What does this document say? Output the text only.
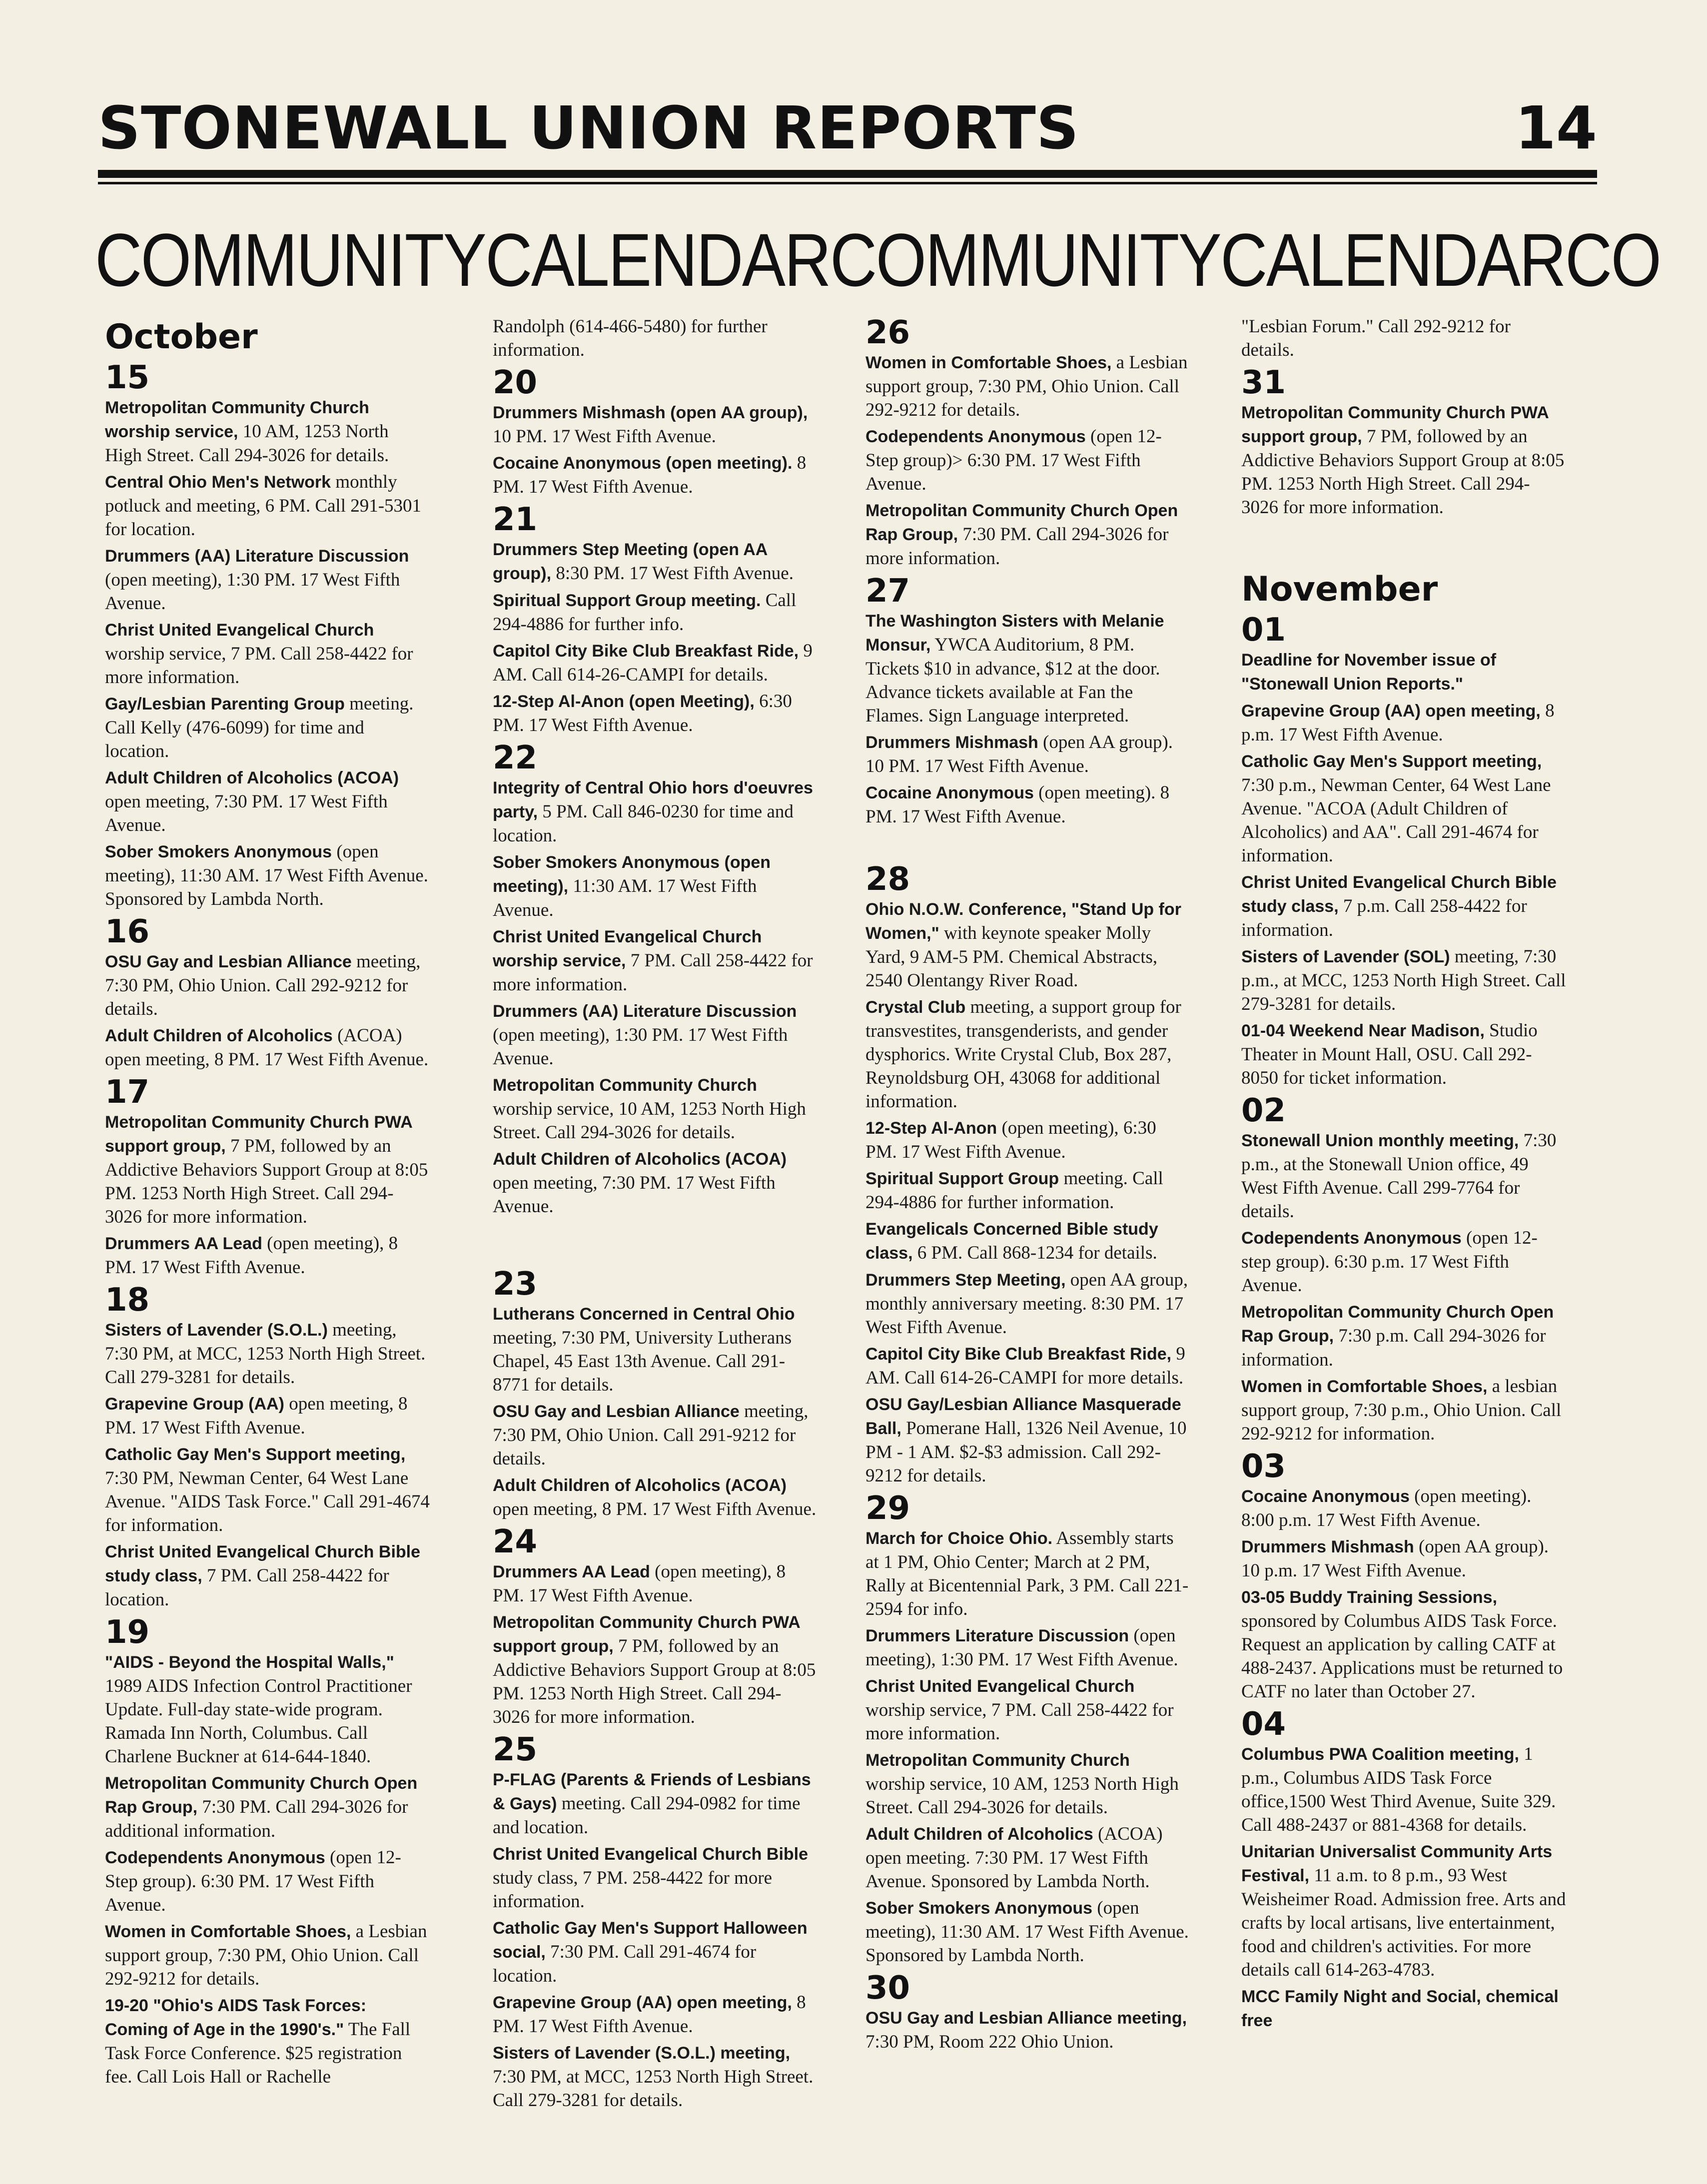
STONEWALL UNION REPORTS	14
COMMUNITYCALENDARCOMMUNITYCALENDARCO
October
15
Metropolitan Community Church worship service, 10 AM, 1253 North High Street. Call 294-3026 for details.
Central Ohio Men's Network monthly potluck and meeting, 6 PM. Call 291-5301 for location.
Drummers (AA) Literature Discussion (open meeting), 1:30 PM. 17 West Fifth Avenue.
Christ United Evangelical Church worship service, 7 PM. Call 258-4422 for more information.
Gay/Lesbian Parenting Group meeting. Call Kelly (476-6099) for time and location.
Adult Children of Alcoholics (ACOA) open meeting, 7:30 PM. 17 West Fifth Avenue.
Sober Smokers Anonymous (open meeting), 11:30 AM. 17 West Fifth Avenue. Sponsored by Lambda North.
16
OSU Gay and Lesbian Alliance meeting, 7:30 PM, Ohio Union. Call 292-9212 for details.
Adult Children of Alcoholics (ACOA) open meeting, 8 PM. 17 West Fifth Avenue.
17
Metropolitan Community Church PWA support group, 7 PM, followed by an Addictive Behaviors Support Group at 8:05 PM. 1253 North High Street. Call 294-3026 for more information.
Drummers AA Lead (open meeting), 8 PM. 17 West Fifth Avenue.
18
Sisters of Lavender (S.O.L.) meeting, 7:30 PM, at MCC, 1253 North High Street. Call 279-3281 for details.
Grapevine Group (AA) open meeting, 8 PM. 17 West Fifth Avenue.
Catholic Gay Men's Support meeting, 7:30 PM, Newman Center, 64 West Lane Avenue. "AIDS Task Force." Call 291-4674 for information.
Christ United Evangelical Church Bible study class, 7 PM. Call 258-4422 for location.
19
"AIDS - Beyond the Hospital Walls," 1989 AIDS Infection Control Practitioner Update. Full-day state-wide program. Ramada Inn North, Columbus. Call Charlene Buckner at 614-644-1840.
Metropolitan Community Church Open Rap Group, 7:30 PM. Call 294-3026 for additional information.
Codependents Anonymous (open 12-Step group). 6:30 PM. 17 West Fifth Avenue.
Women in Comfortable Shoes, a Lesbian support group, 7:30 PM, Ohio Union. Call 292-9212 for details.
19-20 "Ohio's AIDS Task Forces: Coming of Age in the 1990's." The Fall Task Force Conference. $25 registration fee. Call Lois Hall or Rachelle
Randolph (614-466-5480) for further information.
20
Drummers Mishmash (open AA group), 10 PM. 17 West Fifth Avenue.
Cocaine Anonymous (open meeting). 8 PM. 17 West Fifth Avenue.
21
Drummers Step Meeting (open AA group), 8:30 PM. 17 West Fifth Avenue.
Spiritual Support Group meeting. Call 294-4886 for further info.
Capitol City Bike Club Breakfast Ride, 9 AM. Call 614-26-CAMPI for details.
12-Step Al-Anon (open Meeting), 6:30 PM. 17 West Fifth Avenue.
22
Integrity of Central Ohio hors d'oeuvres party, 5 PM. Call 846-0230 for time and location.
Sober Smokers Anonymous (open meeting), 11:30 AM. 17 West Fifth Avenue.
Christ United Evangelical Church worship service, 7 PM. Call 258-4422 for more information.
Drummers (AA) Literature Discussion (open meeting), 1:30 PM. 17 West Fifth Avenue.
Metropolitan Community Church worship service, 10 AM, 1253 North High Street. Call 294-3026 for details.
Adult Children of Alcoholics (ACOA) open meeting, 7:30 PM. 17 West Fifth Avenue.
23
Lutherans Concerned in Central Ohio meeting, 7:30 PM, University Lutherans Chapel, 45 East 13th Avenue. Call 291-8771 for details.
OSU Gay and Lesbian Alliance meeting, 7:30 PM, Ohio Union. Call 291-9212 for details.
Adult Children of Alcoholics (ACOA) open meeting, 8 PM. 17 West Fifth Avenue.
24
Drummers AA Lead (open meeting), 8 PM. 17 West Fifth Avenue.
Metropolitan Community Church PWA support group, 7 PM, followed by an Addictive Behaviors Support Group at 8:05 PM. 1253 North High Street. Call 294-3026 for more information.
25
P-FLAG (Parents & Friends of Lesbians & Gays) meeting. Call 294-0982 for time and location.
Christ United Evangelical Church Bible study class, 7 PM. 258-4422 for more information.
Catholic Gay Men's Support Halloween social, 7:30 PM. Call 291-4674 for location.
Grapevine Group (AA) open meeting, 8 PM. 17 West Fifth Avenue.
Sisters of Lavender (S.O.L.) meeting, 7:30 PM, at MCC, 1253 North High Street. Call 279-3281 for details.
26
Women in Comfortable Shoes, a Lesbian support group, 7:30 PM, Ohio Union. Call 292-9212 for details.
Codependents Anonymous (open 12-Step group)> 6:30 PM. 17 West Fifth Avenue.
Metropolitan Community Church Open Rap Group, 7:30 PM. Call 294-3026 for more information.
27
The Washington Sisters with Melanie Monsur, YWCA Auditorium, 8 PM. Tickets $10 in advance, $12 at the door. Advance tickets available at Fan the Flames. Sign Language interpreted.
Drummers Mishmash (open AA group). 10 PM. 17 West Fifth Avenue.
Cocaine Anonymous (open meeting). 8 PM. 17 West Fifth Avenue.
28
Ohio N.O.W. Conference, "Stand Up for Women," with keynote speaker Molly Yard, 9 AM-5 PM. Chemical Abstracts, 2540 Olentangy River Road.
Crystal Club meeting, a support group for transvestites, transgenderists, and gender dysphorics. Write Crystal Club, Box 287, Reynoldsburg OH, 43068 for additional information.
12-Step Al-Anon (open meeting), 6:30 PM. 17 West Fifth Avenue.
Spiritual Support Group meeting. Call 294-4886 for further information.
Evangelicals Concerned Bible study class, 6 PM. Call 868-1234 for details.
Drummers Step Meeting, open AA group, monthly anniversary meeting. 8:30 PM. 17 West Fifth Avenue.
Capitol City Bike Club Breakfast Ride, 9 AM. Call 614-26-CAMPI for more details.
OSU Gay/Lesbian Alliance Masquerade Ball, Pomerane Hall, 1326 Neil Avenue, 10 PM - 1 AM. $2-$3 admission. Call 292-9212 for details.
29
March for Choice Ohio. Assembly starts at 1 PM, Ohio Center; March at 2 PM, Rally at Bicentennial Park, 3 PM. Call 221-2594 for info.
Drummers Literature Discussion (open meeting), 1:30 PM. 17 West Fifth Avenue.
Christ United Evangelical Church worship service, 7 PM. Call 258-4422 for more information.
Metropolitan Community Church worship service, 10 AM, 1253 North High Street. Call 294-3026 for details.
Adult Children of Alcoholics (ACOA) open meeting. 7:30 PM. 17 West Fifth Avenue. Sponsored by Lambda North.
Sober Smokers Anonymous (open meeting), 11:30 AM. 17 West Fifth Avenue. Sponsored by Lambda North.
30
OSU Gay and Lesbian Alliance meeting, 7:30 PM, Room 222 Ohio Union.
"Lesbian Forum." Call 292-9212 for details.
31
Metropolitan Community Church PWA support group, 7 PM, followed by an Addictive Behaviors Support Group at 8:05 PM. 1253 North High Street. Call 294-3026 for more information.
November
01
Deadline for November issue of "Stonewall Union Reports."
Grapevine Group (AA) open meeting, 8 p.m. 17 West Fifth Avenue.
Catholic Gay Men's Support meeting, 7:30 p.m., Newman Center, 64 West Lane Avenue. "ACOA (Adult Children of Alcoholics) and AA". Call 291-4674 for information.
Christ United Evangelical Church Bible study class, 7 p.m. Call 258-4422 for information.
Sisters of Lavender (SOL) meeting, 7:30 p.m., at MCC, 1253 North High Street. Call 279-3281 for details.
01-04 Weekend Near Madison, Studio Theater in Mount Hall, OSU. Call 292-8050 for ticket information.
02
Stonewall Union monthly meeting, 7:30 p.m., at the Stonewall Union office, 49 West Fifth Avenue. Call 299-7764 for details.
Codependents Anonymous (open 12-step group). 6:30 p.m. 17 West Fifth Avenue.
Metropolitan Community Church Open Rap Group, 7:30 p.m. Call 294-3026 for information.
Women in Comfortable Shoes, a lesbian support group, 7:30 p.m., Ohio Union. Call 292-9212 for information.
03
Cocaine Anonymous (open meeting). 8:00 p.m. 17 West Fifth Avenue.
Drummers Mishmash (open AA group). 10 p.m. 17 West Fifth Avenue.
03-05 Buddy Training Sessions, sponsored by Columbus AIDS Task Force. Request an application by calling CATF at 488-2437. Applications must be returned to CATF no later than October 27.
04
Columbus PWA Coalition meeting, 1 p.m., Columbus AIDS Task Force office,1500 West Third Avenue, Suite 329. Call 488-2437 or 881-4368 for details.
Unitarian Universalist Community Arts Festival, 11 a.m. to 8 p.m., 93 West Weisheimer Road. Admission free. Arts and crafts by local artisans, live entertainment, food and children's activities. For more details call 614-263-4783.
MCC Family Night and Social, chemical free
